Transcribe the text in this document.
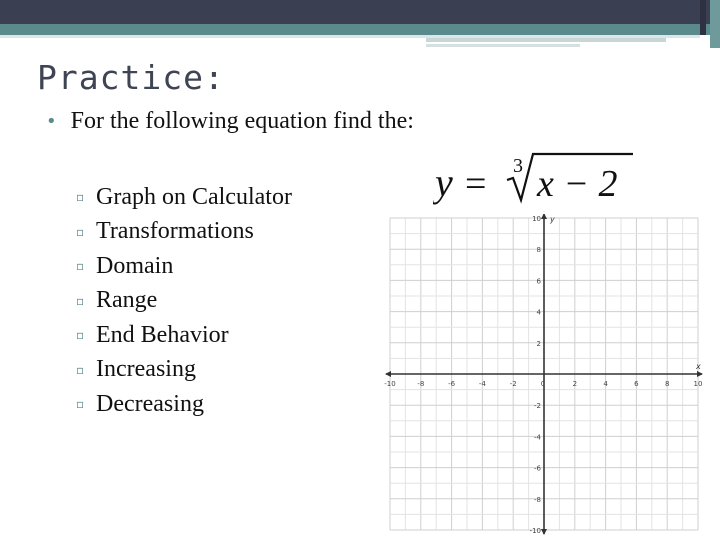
Practice:
• For the following equation find the:
▫ Graph on Calculator
▫ Transformations
▫ Domain
▫ Range
▫ End Behavior
▫ Increasing
▫ Decreasing
y = 3 x − 2
x
y
-10	-8	-6	-4	-2	0	2	4	6	8	10
10
8
6
4
2
-2
-4
-6
-8
-10
